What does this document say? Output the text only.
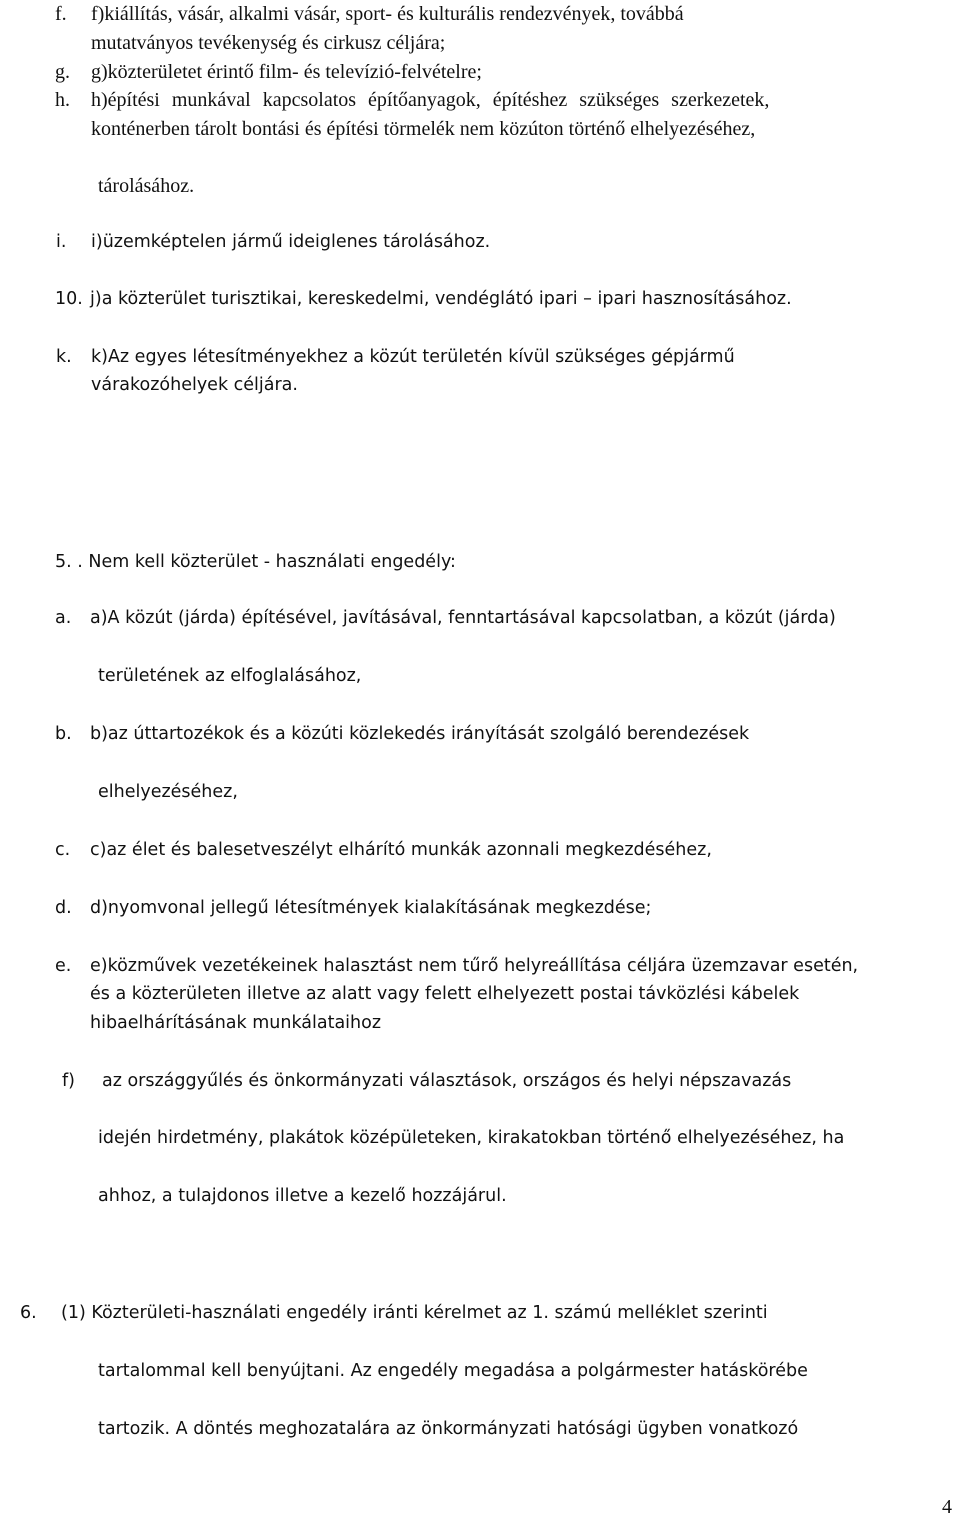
f. f)kiállítás, vásár, alkalmi vásár, sport- és kulturális rendezvények, továbbá
mutatványos tevékenység és cirkusz céljára;
g. g)közterületet érintő film- és televízió-felvételre;
h. h)építési munkával kapcsolatos építőanyagok, építéshez szükséges szerkezetek,
konténerben tárolt bontási és építési törmelék nem közúton történő elhelyezéséhez,
tárolásához.
i. i)üzemképtelen jármű ideiglenes tárolásához.
10. j)a közterület turisztikai, kereskedelmi, vendéglátó ipari – ipari hasznosításához.
k. k)Az egyes létesítményekhez a közút területén kívül szükséges gépjármű
várakozóhelyek céljára.
5. . Nem kell közterület - használati engedély:
a. a)A közút (járda) építésével, javításával, fenntartásával kapcsolatban, a közút (járda)
területének az elfoglalásához,
b. b)az úttartozékok és a közúti közlekedés irányítását szolgáló berendezések
elhelyezéséhez,
c. c)az élet és balesetveszélyt elhárító munkák azonnali megkezdéséhez,
d. d)nyomvonal jellegű létesítmények kialakításának megkezdése;
e. e)közművek vezetékeinek halasztást nem tűrő helyreállítása céljára üzemzavar esetén,
és a közterületen illetve az alatt vagy felett elhelyezett postai távközlési kábelek
hibaelhárításának munkálataihoz
f) az országgyűlés és önkormányzati választások, országos és helyi népszavazás
idején hirdetmény, plakátok középületeken, kirakatokban történő elhelyezéséhez, ha
ahhoz, a tulajdonos illetve a kezelő hozzájárul.
6. (1) Közterületi-használati engedély iránti kérelmet az 1. számú melléklet szerinti
tartalommal kell benyújtani. Az engedély megadása a polgármester hatáskörébe
tartozik. A döntés meghozatalára az önkormányzati hatósági ügyben vonatkozó
4
